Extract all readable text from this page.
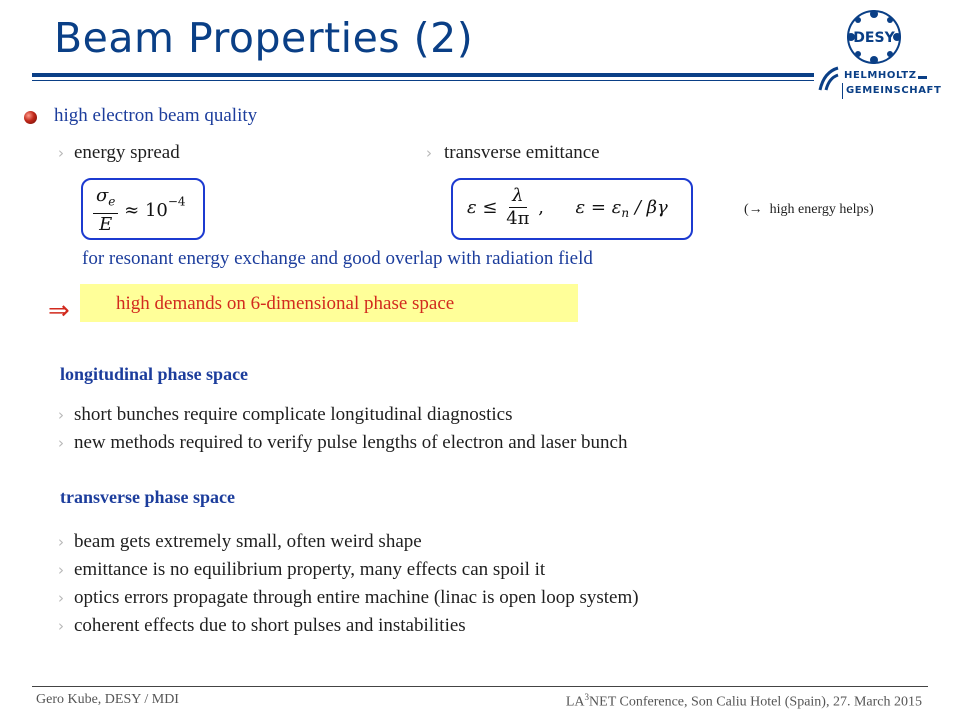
Beam Properties (2)	DESY
HELMHOLTZ
GEMEINSCHAFT
high electron beam quality
› energy spread	› transverse emittance
$\frac{\sigma_e}{E} \approx 10^{-4}$	$\varepsilon \le \frac{\lambda}{4\pi}$ , $\varepsilon = \varepsilon_n / \beta\gamma$	(→ high energy helps)
for resonant energy exchange and good overlap with radiation field
high demands on 6-dimensional phase space
⇒
longitudinal phase space
› short bunches require complicate longitudinal diagnostics
› new methods required to verify pulse lengths of electron and laser bunch
transverse phase space
› beam gets extremely small, often weird shape
› emittance is no equilibrium property, many effects can spoil it
› optics errors propagate through entire machine (linac is open loop system)
› coherent effects due to short pulses and instabilities
Gero Kube, DESY / MDI	$LA^3NET$ Conference, Son Caliu Hotel (Spain), 27. March 2015
